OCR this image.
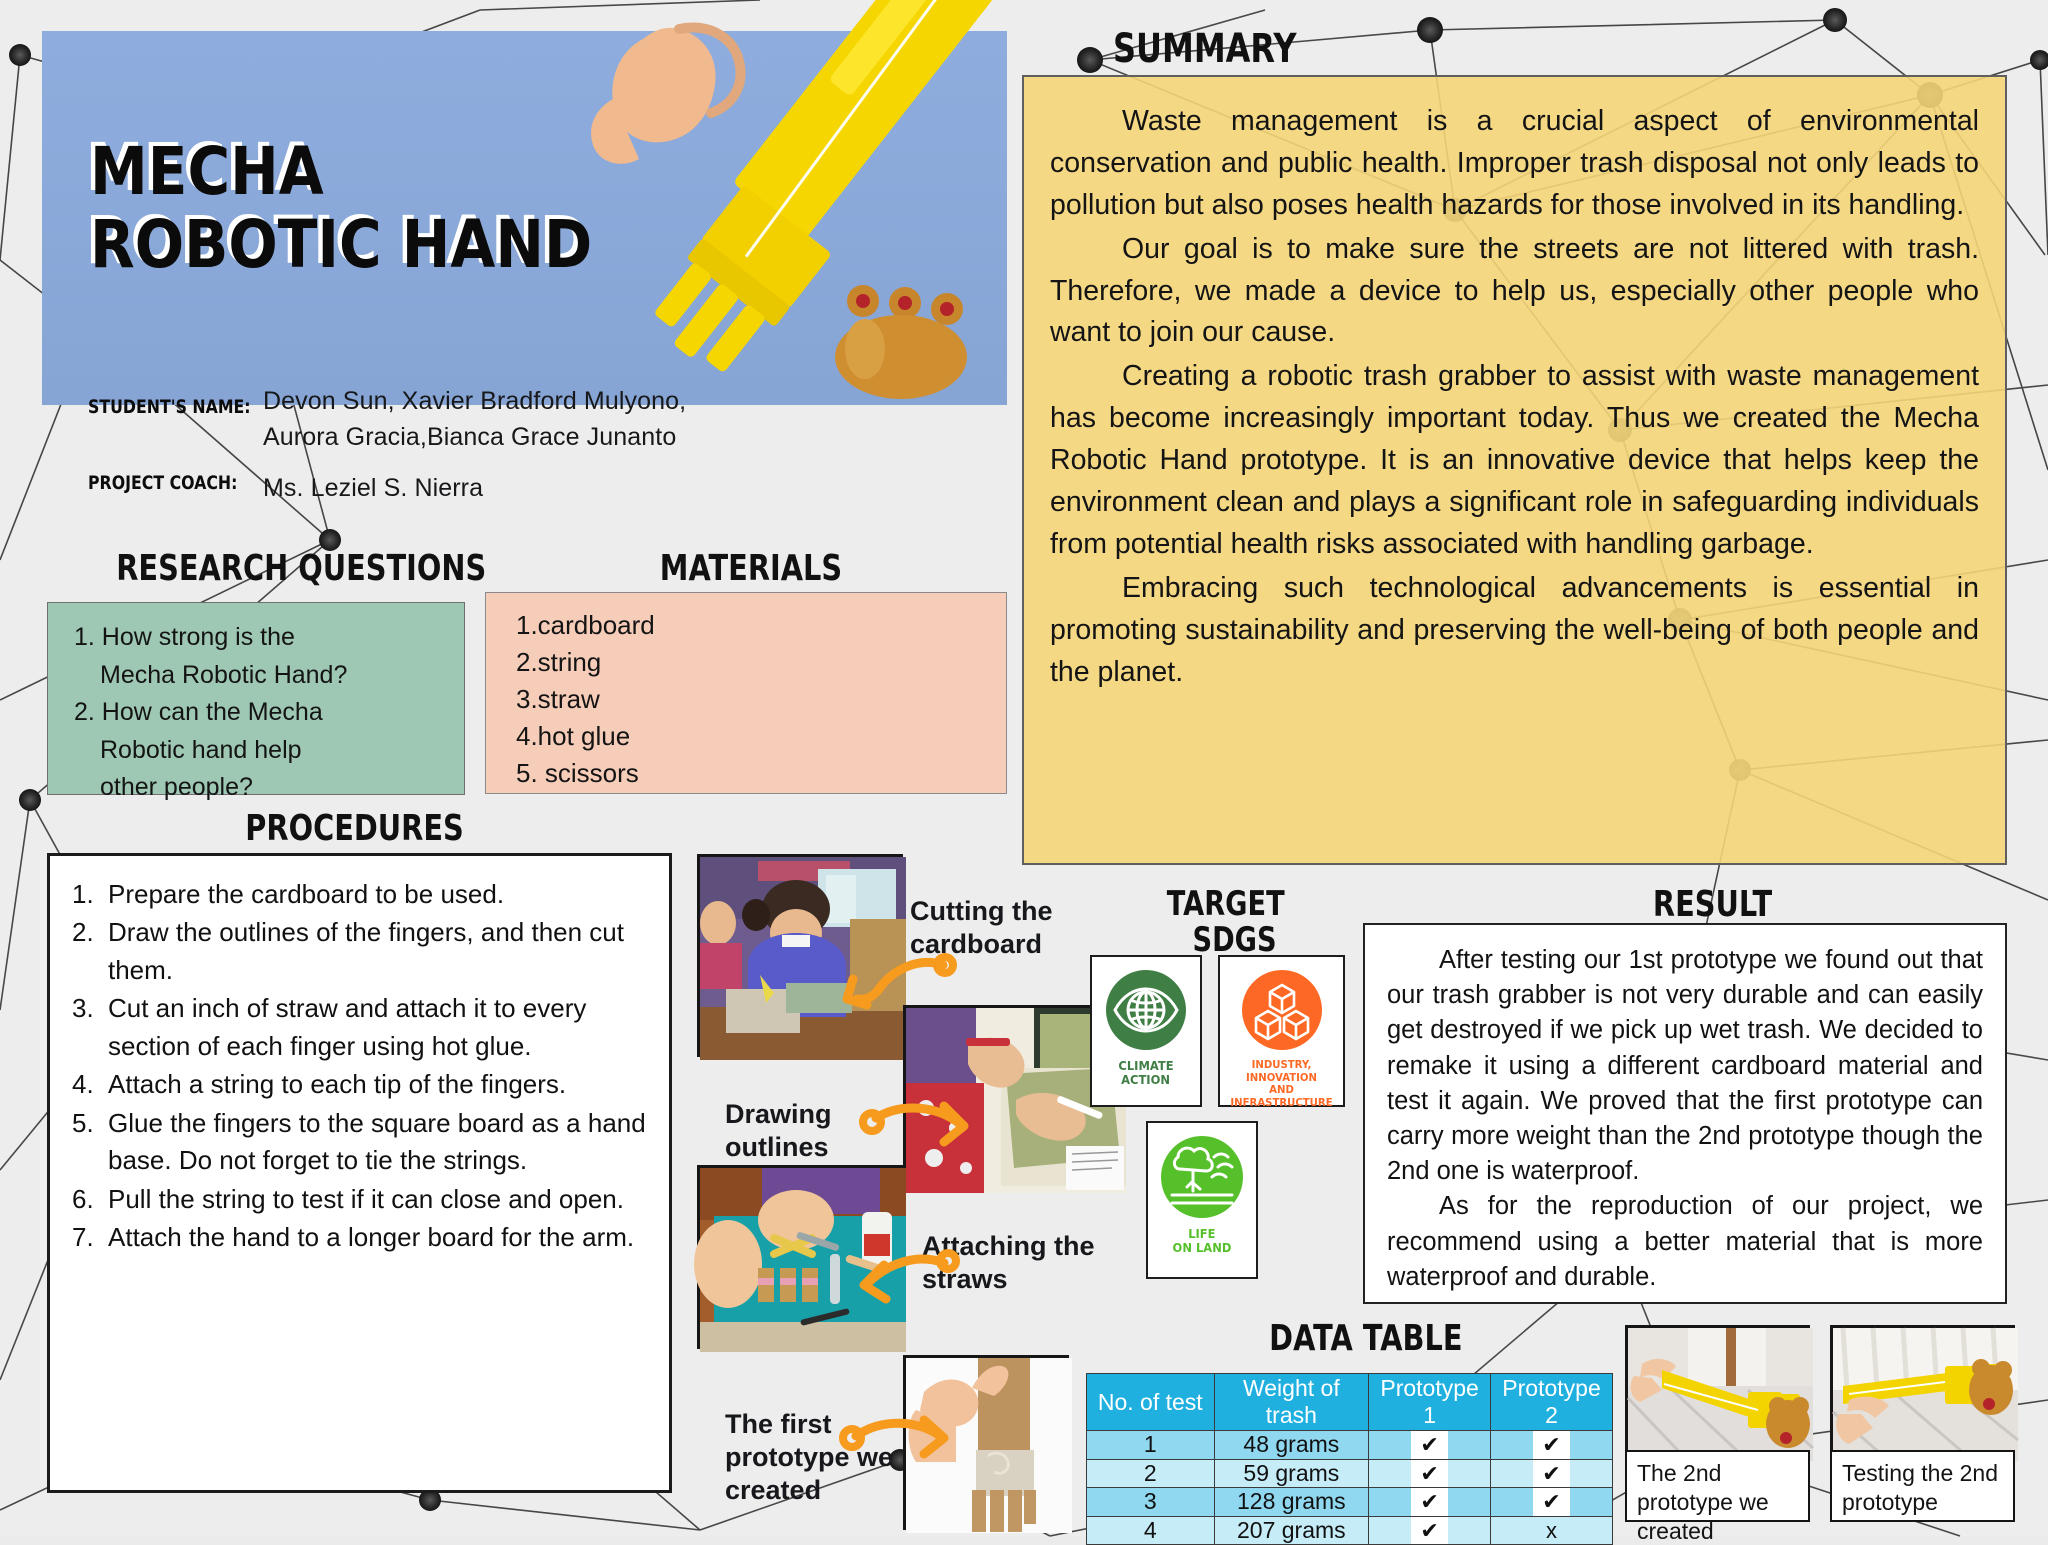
MECHA
ROBOTIC HAND
STUDENT'S NAME: Devon Sun, Xavier Bradford Mulyono,
Aurora Gracia,Bianca Grace Junanto
PROJECT COACH:	Ms. Leziel S. Nierra
SUMMARY

Waste management is a crucial aspect of environmental conservation and public health. Improper trash disposal not only leads to pollution but also poses health hazards for those involved in its handling.

Our goal is to make sure the streets are not littered with trash. Therefore, we made a device to help us, especially other people who want to join our cause.

Creating a robotic trash grabber to assist with waste management has become increasingly important today. Thus we created the Mecha Robotic Hand prototype. It is an innovative device that helps keep the environment clean and plays a significant role in safeguarding individuals from potential health risks associated with handling garbage.

Embracing such technological advancements is essential in promoting sustainability and preserving the well-being of both people and the planet.

RESEARCH QUESTIONS
1. How strong is the
Mecha Robotic Hand?
2. How can the Mecha
Robotic hand help
other people?
MATERIALS
1.cardboard
2.string
3.straw
4.hot glue
5. scissors
PROCEDURES
1. Prepare the cardboard to be used.
2. Draw the outlines of the fingers, and then cut them.
3. Cut an inch of straw and attach it to every section of each finger using hot glue.
4. Attach a string to each tip of the fingers.
5. Glue the fingers to the square board as a hand base. Do not forget to tie the strings.
6. Pull the string to test if it can close and open.
7. Attach the hand to a longer board for the arm.
Cutting the cardboard
Drawing outlines
Attaching the straws
The first prototype we created
TARGET
SDGS
CLIMATE
ACTION
INDUSTRY, INNOVATION
AND INFRASTRUCTURE
LIFE
ON LAND
RESULT

After testing our 1st prototype we found out that our trash grabber is not very durable and can easily get destroyed if we pick up wet trash. We decided to remake it using a different cardboard material and test it again. We proved that the first prototype can carry more weight than the 2nd prototype though the 2nd one is waterproof.

As for the reproduction of our project, we recommend using a better material that is more waterproof and durable.

DATA TABLE
No. of test	Weight of trash	Prototype 1	Prototype 2
1	48 grams	✔	✔
2	59 grams	✔	✔
3	128 grams	✔	✔
4	207 grams	✔	x
The 2nd prototype we created
Testing the 2nd prototype
